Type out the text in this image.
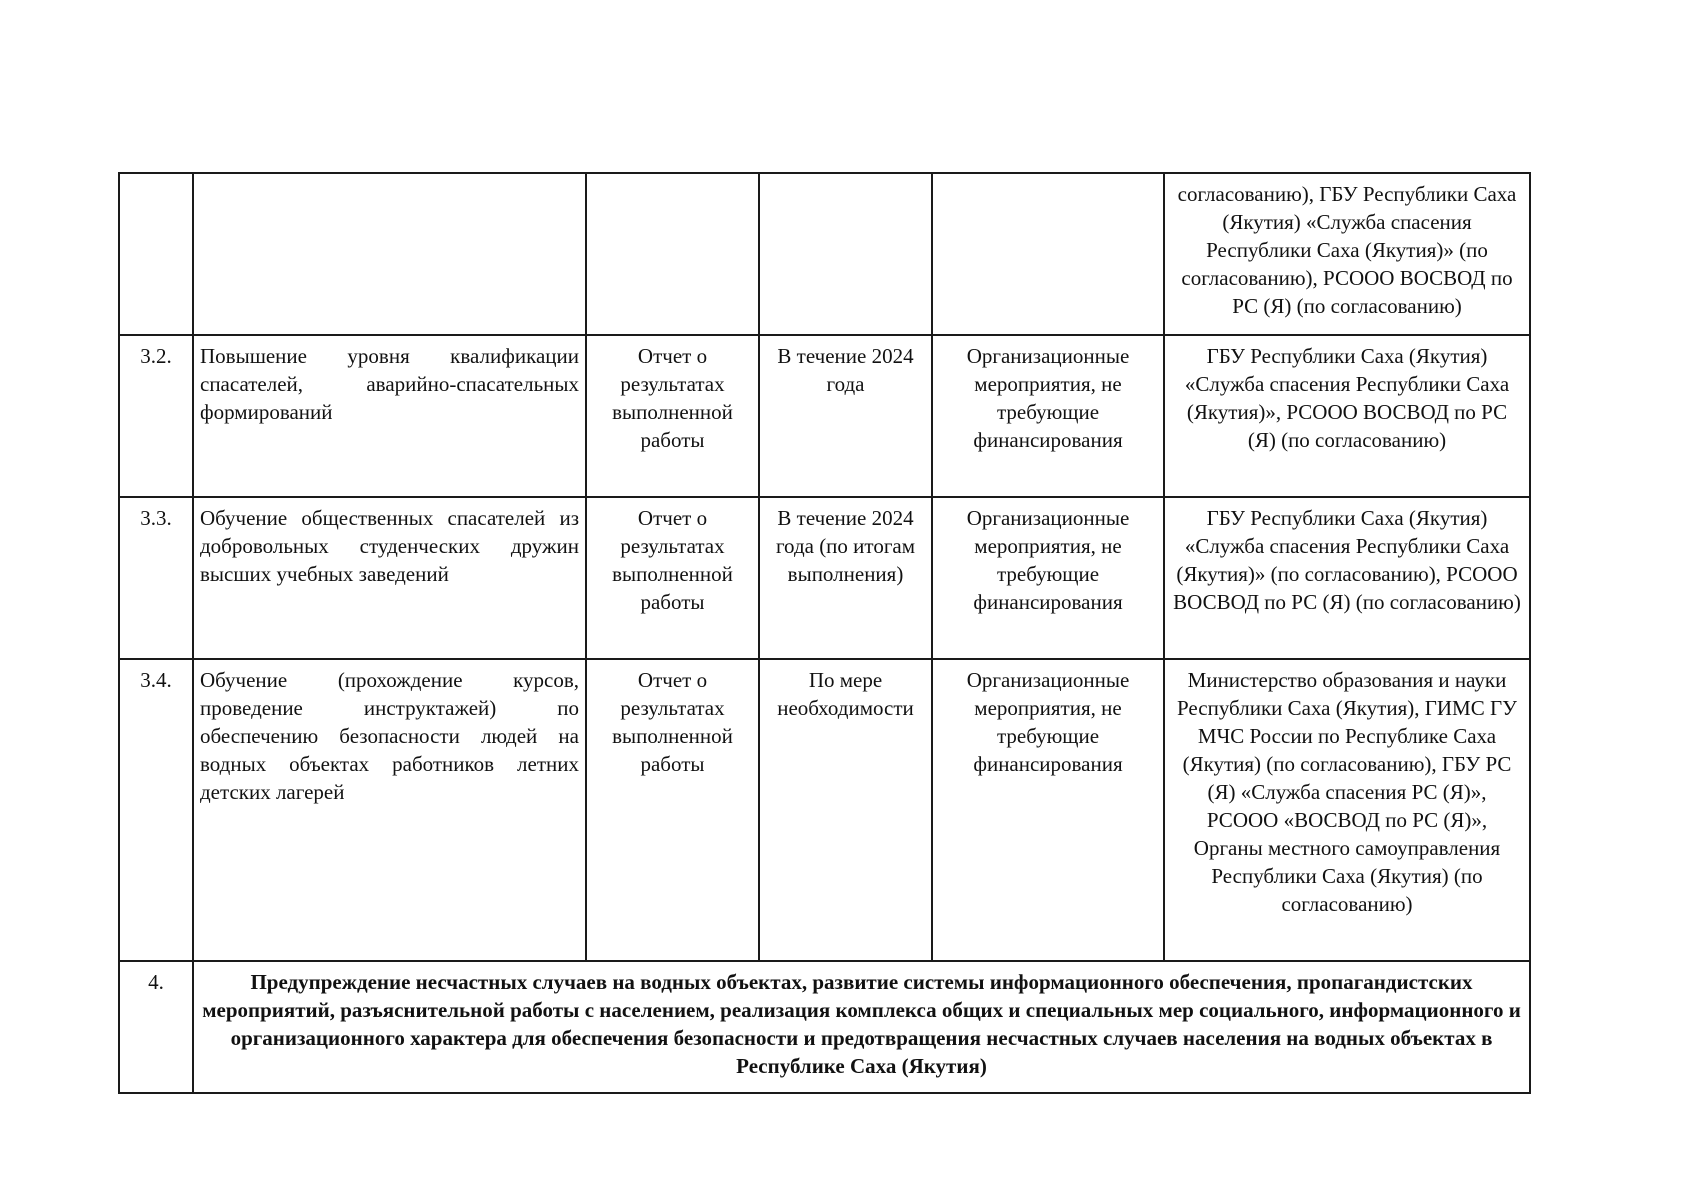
					согласованию), ГБУ Республики Саха (Якутия) «Служба спасения Республики Саха (Якутия)» (по согласованию), РСООО ВОСВОД по РС (Я) (по согласованию)
3.2.	Повышение уровня квалификации спасателей, аварийно-спасательных формирований	Отчет о результатах выполненной работы	В течение 2024 года	Организационные мероприятия, не требующие финансирования	ГБУ Республики Саха (Якутия) «Служба спасения Республики Саха (Якутия)», РСООО ВОСВОД по РС (Я) (по согласованию)
3.3.	Обучение общественных спасателей из добровольных студенческих дружин высших учебных заведений	Отчет о результатах выполненной работы	В течение 2024 года (по итогам выполнения)	Организационные мероприятия, не требующие финансирования	ГБУ Республики Саха (Якутия) «Служба спасения Республики Саха (Якутия)» (по согласованию), РСООО ВОСВОД по РС (Я) (по согласованию)
3.4.	Обучение (прохождение курсов, проведение инструктажей) по обеспечению безопасности людей на водных объектах работников летних детских лагерей	Отчет о результатах выполненной работы	По мере необходимости	Организационные мероприятия, не требующие финансирования	Министерство образования и науки Республики Саха (Якутия), ГИМС ГУ МЧС России по Республике Саха (Якутия) (по согласованию), ГБУ РС (Я) «Служба спасения РС (Я)», РСООО «ВОСВОД по РС (Я)», Органы местного самоуправления Республики Саха (Якутия) (по согласованию)
4.	Предупреждение несчастных случаев на водных объектах, развитие системы информационного обеспечения, пропагандистских мероприятий, разъяснительной работы с населением, реализация комплекса общих и специальных мер социального, информационного и организационного характера для обеспечения безопасности и предотвращения несчастных случаев населения на водных объектах в Республике Саха (Якутия)				
